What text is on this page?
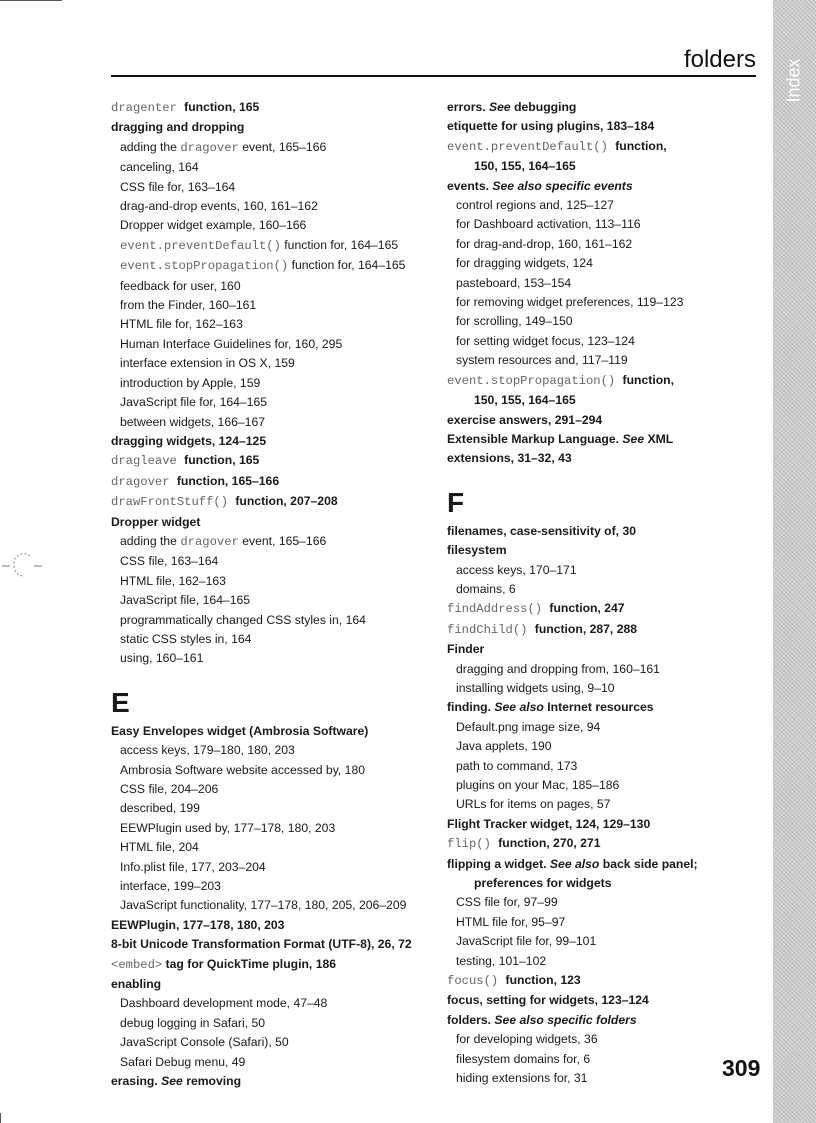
folders Index
dragenter function, 165
dragging and dropping
adding the dragover event, 165–166
canceling, 164
CSS file for, 163–164
drag-and-drop events, 160, 161–162
Dropper widget example, 160–166
event.preventDefault() function for, 164–165
event.stopPropagation() function for, 164–165
feedback for user, 160
from the Finder, 160–161
HTML file for, 162–163
Human Interface Guidelines for, 160, 295
interface extension in OS X, 159
introduction by Apple, 159
JavaScript file for, 164–165
between widgets, 166–167
dragging widgets, 124–125
dragleave function, 165
dragover function, 165–166
drawFrontStuff() function, 207–208
Dropper widget
adding the dragover event, 165–166
CSS file, 163–164
HTML file, 162–163
JavaScript file, 164–165
programmatically changed CSS styles in, 164
static CSS styles in, 164
using, 160–161
E
Easy Envelopes widget (Ambrosia Software)
access keys, 179–180, 180, 203
Ambrosia Software website accessed by, 180
CSS file, 204–206
described, 199
EEWPlugin used by, 177–178, 180, 203
HTML file, 204
Info.plist file, 177, 203–204
interface, 199–203
JavaScript functionality, 177–178, 180, 205, 206–209
EEWPlugin, 177–178, 180, 203
8-bit Unicode Transformation Format (UTF-8), 26, 72
<embed> tag for QuickTime plugin, 186
enabling
Dashboard development mode, 47–48
debug logging in Safari, 50
JavaScript Console (Safari), 50
Safari Debug menu, 49
erasing. See removing
errors. See debugging
etiquette for using plugins, 183–184
event.preventDefault() function,
150, 155, 164–165
events. See also specific events
control regions and, 125–127
for Dashboard activation, 113–116
for drag-and-drop, 160, 161–162
for dragging widgets, 124
pasteboard, 153–154
for removing widget preferences, 119–123
for scrolling, 149–150
for setting widget focus, 123–124
system resources and, 117–119
event.stopPropagation() function,
150, 155, 164–165
exercise answers, 291–294
Extensible Markup Language. See XML
extensions, 31–32, 43
F
filenames, case-sensitivity of, 30
filesystem
access keys, 170–171
domains, 6
findAddress() function, 247
findChild() function, 287, 288
Finder
dragging and dropping from, 160–161
installing widgets using, 9–10
finding. See also Internet resources
Default.png image size, 94
Java applets, 190
path to command, 173
plugins on your Mac, 185–186
URLs for items on pages, 57
Flight Tracker widget, 124, 129–130
flip() function, 270, 271
flipping a widget. See also back side panel;
preferences for widgets
CSS file for, 97–99
HTML file for, 95–97
JavaScript file for, 99–101
testing, 101–102
focus() function, 123
focus, setting for widgets, 123–124
folders. See also specific folders
for developing widgets, 36
filesystem domains for, 6
hiding extensions for, 31	309
